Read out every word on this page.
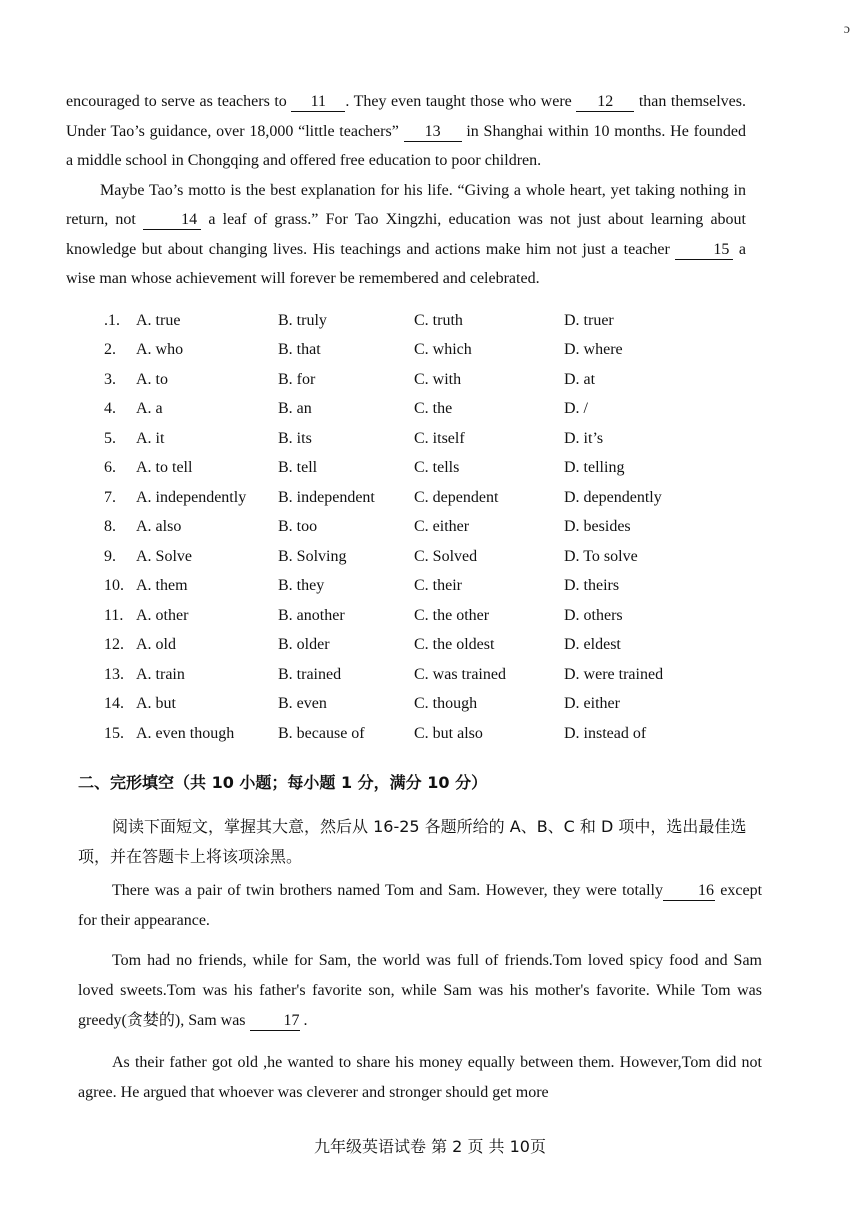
ɔ

encouraged to serve as teachers to 11 . They even taught those who were 12 than themselves. Under Tao’s guidance, over 18,000 “little teachers” 13 in Shanghai within 10 months. He founded a middle school in Chongqing and offered free education to poor children.

Maybe Tao’s motto is the best explanation for his life. “Giving a whole heart, yet taking nothing in return, not 14 a leaf of grass.” For Tao Xingzhi, education was not just about learning about knowledge but about changing lives. His teachings and actions make him not just a teacher 15 a wise man whose achievement will forever be remembered and celebrated.

.1.	A. true	B. truly	C. truth	D. truer
2.	A. who	B. that	C. which	D. where
3.	A. to	B. for	C. with	D. at
4.	A. a	B. an	C. the	D. /
5.	A. it	B. its	C. itself	D. it’s
6.	A. to tell	B. tell	C. tells	D. telling
7.	A. independently	B. independent	C. dependent	D. dependently
8.	A. also	B. too	C. either	D. besides
9.	A. Solve	B. Solving	C. Solved	D. To solve
10. A. them	B. they	C. their	D. theirs
11. A. other	B. another	C. the other	D. others
12. A. old	B. older	C. the oldest	D. eldest
13. A. train	B. trained	C. was trained	D. were trained
14. A. but	B. even	C. though	D. either
15. A. even though	B. because of	C. but also	D. instead of
二、完形填空（共 10 小题；每小题 1 分，满分 10 分）

阅读下面短文，掌握其大意，然后从 16-25 各题所给的 A、B、C 和 D 项中，选出最佳选项，并在答题卡上将该项涂黑。

There was a pair of twin brothers named Tom and Sam. However, they were totally 16 except for their appearance.

Tom had no friends, while for Sam, the world was full of friends.Tom loved spicy food and Sam loved sweets.Tom was his father's favorite son, while Sam was his mother's favorite. While Tom was greedy(贪婪的), Sam was 17 .

As their father got old ,he wanted to share his money equally between them. However,Tom did not agree. He argued that whoever was cleverer and stronger should get more

九年级英语试卷 第 2 页 共 10页
